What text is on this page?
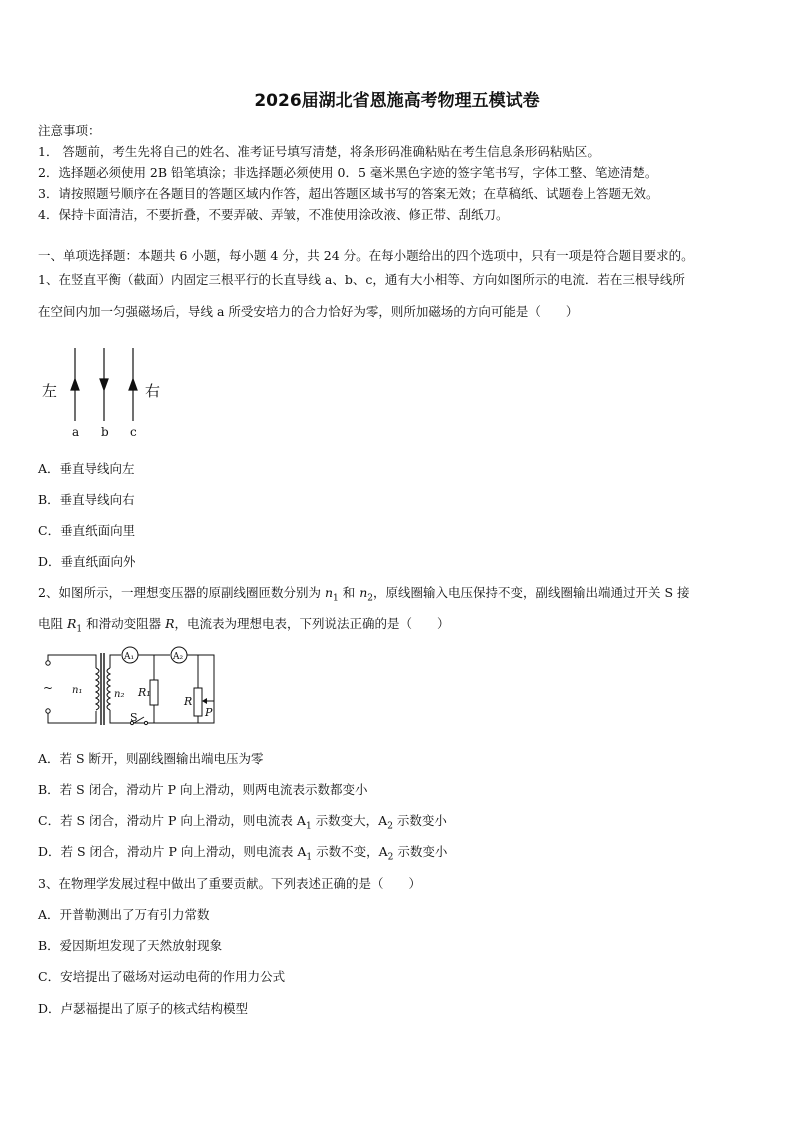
2026届湖北省恩施高考物理五模试卷
注意事项：
1． 答题前，考生先将自己的姓名、准考证号填写清楚，将条形码准确粘贴在考生信息条形码粘贴区。
2．选择题必须使用 2B 铅笔填涂；非选择题必须使用 0．5 毫米黑色字迹的签字笔书写，字体工整、笔迹清楚。
3．请按照题号顺序在各题目的答题区域内作答，超出答题区域书写的答案无效；在草稿纸、试题卷上答题无效。
4．保持卡面清洁，不要折叠，不要弄破、弄皱，不准使用涂改液、修正带、刮纸刀。
一、单项选择题：本题共 6 小题，每小题 4 分，共 24 分。在每小题给出的四个选项中，只有一项是符合题目要求的。
1、在竖直平衡（截面）内固定三根平行的长直导线 a、b、c，通有大小相等、方向如图所示的电流．若在三根导线所
在空间内加一匀强磁场后，导线 a 所受安培力的合力恰好为零，则所加磁场的方向可能是（　　）
左	右
a b c
A．垂直导线向左
B．垂直导线向右
C．垂直纸面向里
D．垂直纸面向外
2、如图所示，一理想变压器的原副线圈匝数分别为 $n_1$ 和 $n_2$，原线圈输入电压保持不变，副线圈输出端通过开关 S 接
电阻 $R_1$ 和滑动变阻器 R，电流表为理想电表，下列说法正确的是（　　）
~ n₁	n₂
A₁	A₂
R₁
R
P
S
A．若 S 断开，则副线圈输出端电压为零
B．若 S 闭合，滑动片 P 向上滑动，则两电流表示数都变小
C．若 S 闭合，滑动片 P 向上滑动，则电流表 $A_1$ 示数变大，$A_2$ 示数变小
D．若 S 闭合，滑动片 P 向上滑动，则电流表 $A_1$ 示数不变，$A_2$ 示数变小
3、在物理学发展过程中做出了重要贡献。下列表述正确的是（　　）
A．开普勒测出了万有引力常数
B．爱因斯坦发现了天然放射现象
C．安培提出了磁场对运动电荷的作用力公式
D．卢瑟福提出了原子的核式结构模型
